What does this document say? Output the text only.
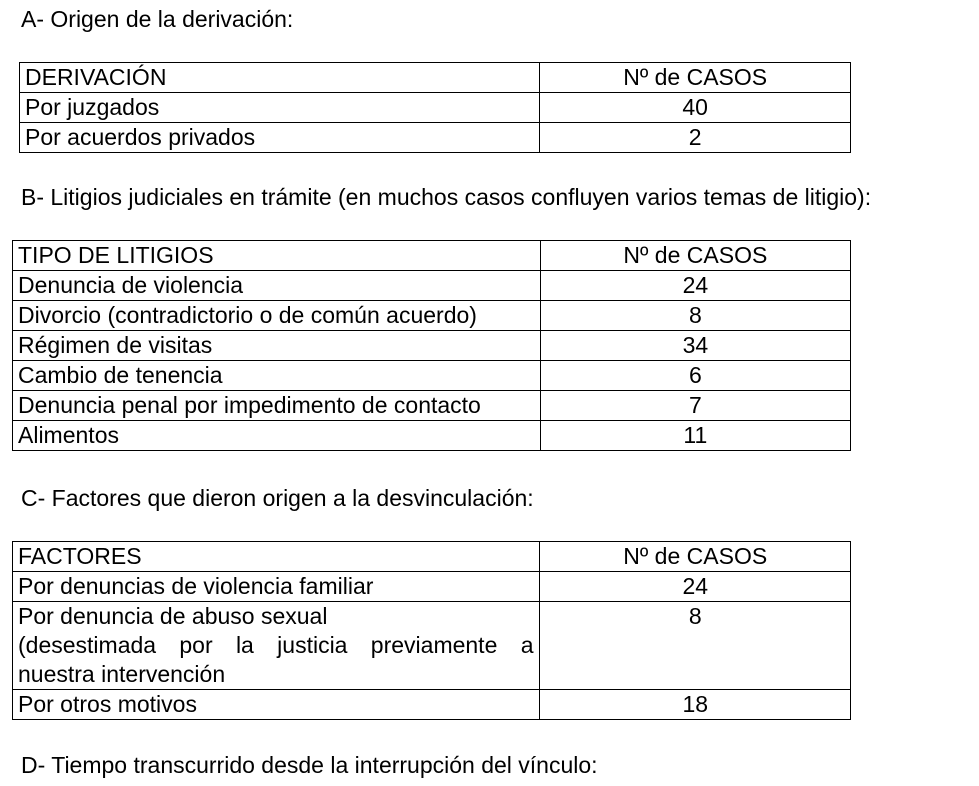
A- Origen de la derivación:
DERIVACIÓN	Nº de CASOS
Por juzgados	40
Por acuerdos privados	2
B- Litigios judiciales en trámite (en muchos casos confluyen varios temas de litigio):
TIPO DE LITIGIOS	Nº de CASOS
Denuncia de violencia	24
Divorcio (contradictorio o de común acuerdo)	8
Régimen de visitas	34
Cambio de tenencia	6
Denuncia penal por impedimento de contacto	7
Alimentos	11
C- Factores que dieron origen a la desvinculación:
FACTORES	Nº de CASOS
Por denuncias de violencia familiar	24

Por denuncia de abuso sexual
(desestimada por la justicia previamente a
nuestra intervención	8
Por otros motivos	18
D- Tiempo transcurrido desde la interrupción del vínculo:
